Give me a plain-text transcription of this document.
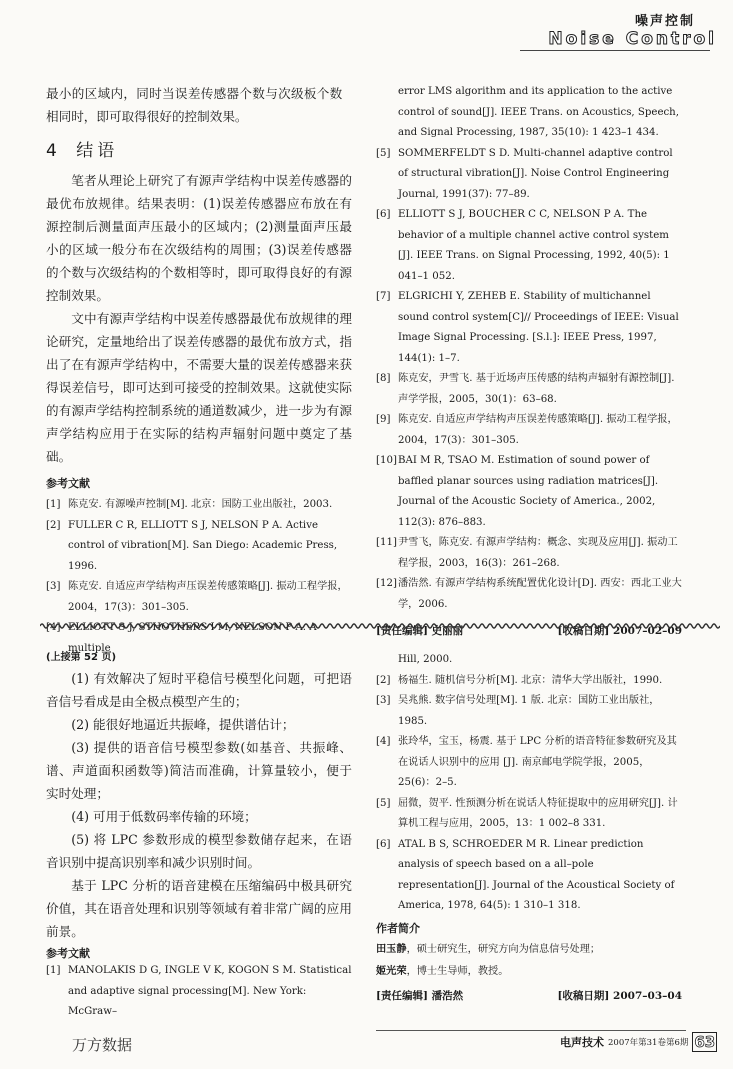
噪声控制
Noise Control

最小的区域内，同时当误差传感器个数与次级板个数

相同时，即可取得很好的控制效果。

4 结语

笔者从理论上研究了有源声学结构中误差传感器的最优布放规律。结果表明：(1)误差传感器应布放在有源控制后测量面声压最小的区域内；(2)测量面声压最小的区域一般分布在次级结构的周围；(3)误差传感器的个数与次级结构的个数相等时，即可取得良好的有源控制效果。

文中有源声学结构中误差传感器最优布放规律的理论研究，定量地给出了误差传感器的最优布放方式，指出了在有源声学结构中，不需要大量的误差传感器来获得误差信号，即可达到可接受的控制效果。这就使实际的有源声学结构控制系统的通道数减少，进一步为有源声学结构应用于在实际的结构声辐射问题中奠定了基础。

参考文献
[1] 陈克安. 有源噪声控制[M]. 北京：国防工业出版社，2003.
[2] FULLER C R, ELLIOTT S J, NELSON P A. Active control of vibration[M]. San Diego: Academic Press, 1996.
[3] 陈克安. 自适应声学结构声压误差传感策略[J]. 振动工程学报，2004，17(3)：301–305.
[4] ELLIOTT S J, STHOTHERS I M, NELSON P A. A multiple
error LMS algorithm and its application to the active control of sound[J]. IEEE Trans. on Acoustics, Speech, and Signal Processing, 1987, 35(10): 1 423–1 434.
[5] SOMMERFELDT S D. Multi-channel adaptive control of structural vibration[J]. Noise Control Engineering Journal, 1991(37): 77–89.
[6] ELLIOTT S J, BOUCHER C C, NELSON P A. The behavior of a multiple channel active control system [J]. IEEE Trans. on Signal Processing, 1992, 40(5): 1 041–1 052.
[7] ELGRICHI Y, ZEHEB E. Stability of multichannel sound control system[C]// Proceedings of IEEE: Visual Image Signal Processing. [S.l.]: IEEE Press, 1997, 144(1): 1–7.
[8] 陈克安，尹雪飞. 基于近场声压传感的结构声辐射有源控制[J]. 声学学报，2005，30(1)：63–68.
[9] 陈克安. 自适应声学结构声压误差传感策略[J]. 振动工程学报，2004，17(3)：301–305.
[10] BAI M R, TSAO M. Estimation of sound power of baffled planar sources using radiation matrices[J]. Journal of the Acoustic Society of America., 2002, 112(3): 876–883.
[11] 尹雪飞，陈克安. 有源声学结构：概念、实现及应用[J]. 振动工程学报，2003，16(3)：261–268.
[12] 潘浩然. 有源声学结构系统配置优化设计[D]. 西安：西北工业大学，2006.
[责任编辑] 史丽丽	[收稿日期] 2007–02–09
(上接第 52 页)

(1) 有效解决了短时平稳信号模型化问题，可把语音信号看成是由全极点模型产生的；

(2) 能很好地逼近共振峰，提供谱估计；

(3) 提供的语音信号模型参数(如基音、共振峰、谱、声道面积函数等)简洁而准确，计算量较小，便于实时处理；

(4) 可用于低数码率传输的环境；

(5) 将 LPC 参数形成的模型参数储存起来，在语音识别中提高识别率和减少识别时间。

基于 LPC 分析的语音建模在压缩编码中极具研究价值，其在语音处理和识别等领域有着非常广阔的应用前景。

参考文献
[1] MANOLAKIS D G, INGLE V K, KOGON S M. Statistical and adaptive signal processing[M]. New York: McGraw–
Hill, 2000.
[2] 杨福生. 随机信号分析[M]. 北京：清华大学出版社，1990.
[3] 吴兆熊. 数字信号处理[M]. 1 版. 北京：国防工业出版社，1985.
[4] 张玲华，宝玉，杨震. 基于 LPC 分析的语音特征参数研究及其在说话人识别中的应用 [J]. 南京邮电学院学报，2005，25(6)：2–5.
[5] 屈微，贺平. 性预测分析在说话人特征提取中的应用研究[J]. 计算机工程与应用，2005，13：1 002–8 331.
[6] ATAL B S, SCHROEDER M R. Linear prediction analysis of speech based on a all–pole representation[J]. Journal of the Acoustical Society of America, 1978, 64(5): 1 310–1 318.
作者简介
田玉静，硕士研究生，研究方向为信息信号处理；
姬光荣，博士生导师，教授。
[责任编辑] 潘浩然	[收稿日期] 2007–03–04
万方数据	电声技术 2007年第31卷第6期 63
